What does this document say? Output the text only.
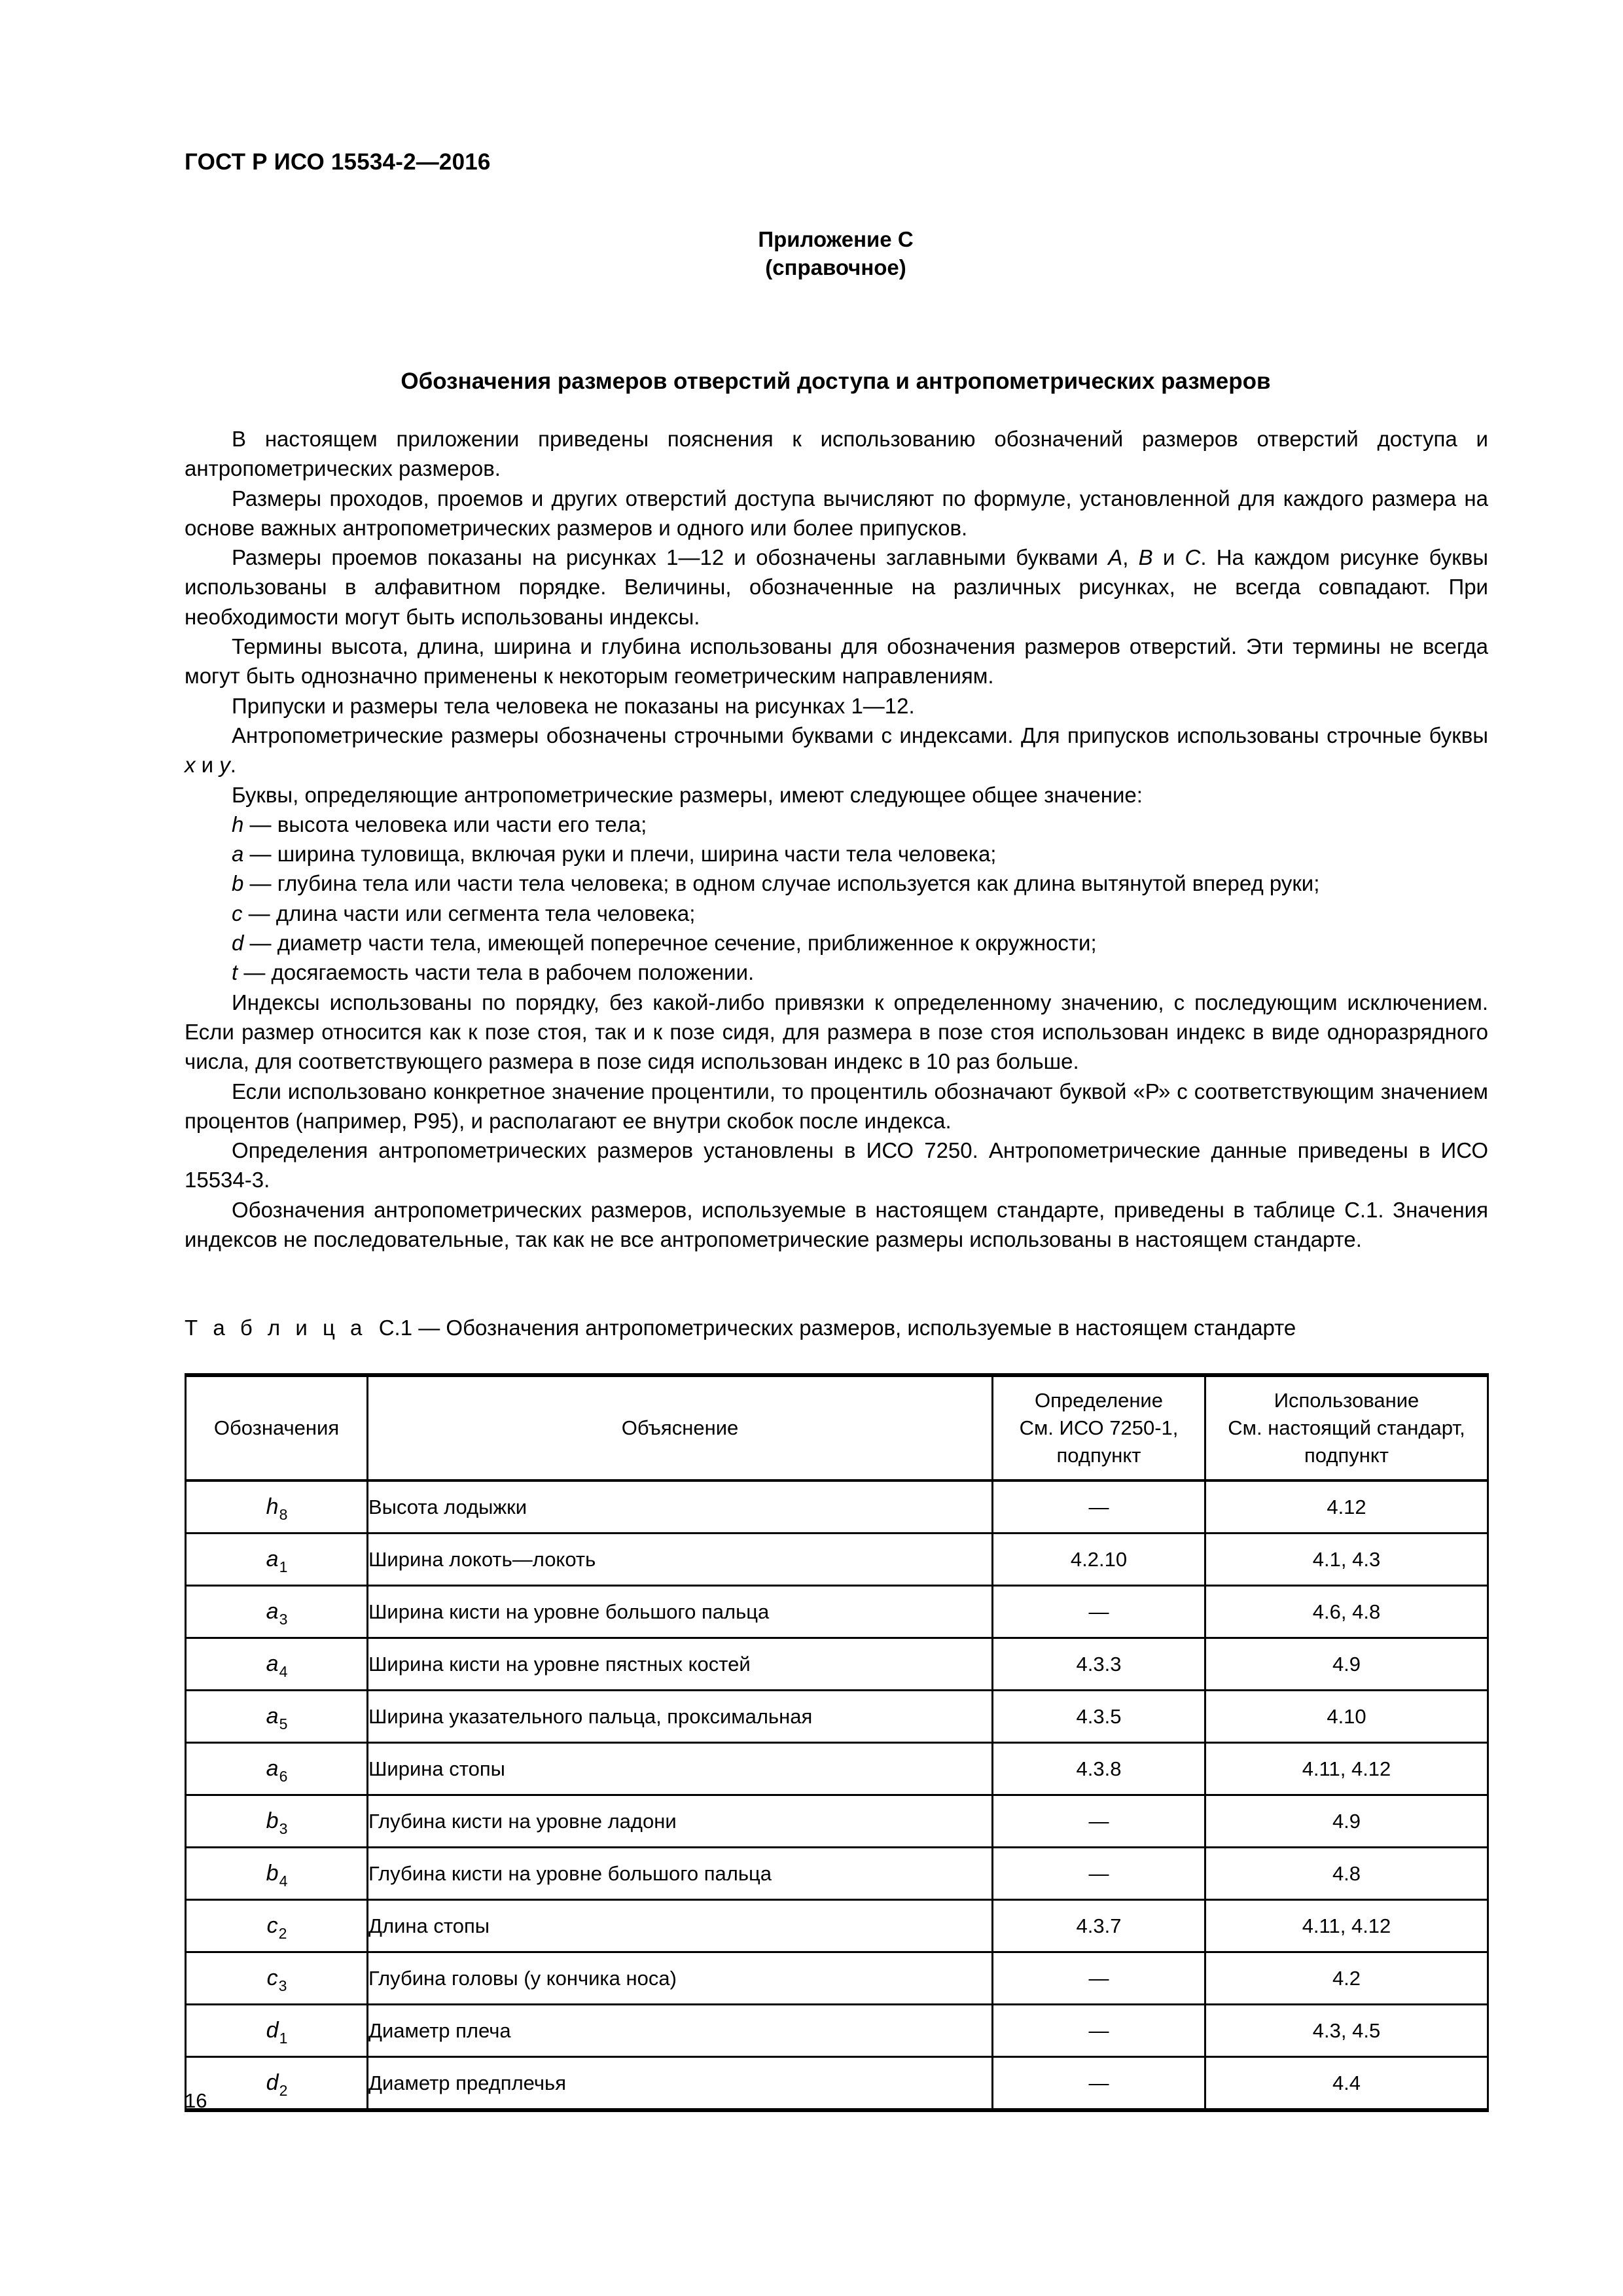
ГОСТ Р ИСО 15534-2—2016
Приложение С
(справочное)
Обозначения размеров отверстий доступа и антропометрических размеров

В настоящем приложении приведены пояснения к использованию обозначений размеров отверстий доступа и антропометрических размеров.

Размеры проходов, проемов и других отверстий доступа вычисляют по формуле, установленной для каждого размера на основе важных антропометрических размеров и одного или более припусков.

Размеры проемов показаны на рисунках 1—12 и обозначены заглавными буквами A, B и C. На каждом рисунке буквы использованы в алфавитном порядке. Величины, обозначенные на различных рисунках, не всегда совпадают. При необходимости могут быть использованы индексы.

Термины высота, длина, ширина и глубина использованы для обозначения размеров отверстий. Эти термины не всегда могут быть однозначно применены к некоторым геометрическим направлениям.

Припуски и размеры тела человека не показаны на рисунках 1—12.

Антропометрические размеры обозначены строчными буквами с индексами. Для припусков использованы строчные буквы x и y.

Буквы, определяющие антропометрические размеры, имеют следующее общее значение:

h — высота человека или части его тела;

a — ширина туловища, включая руки и плечи, ширина части тела человека;

b — глубина тела или части тела человека; в одном случае используется как длина вытянутой вперед руки;

c — длина части или сегмента тела человека;

d — диаметр части тела, имеющей поперечное сечение, приближенное к окружности;

t — досягаемость части тела в рабочем положении.

Индексы использованы по порядку, без какой-либо привязки к определенному значению, с последующим исключением. Если размер относится как к позе стоя, так и к позе сидя, для размера в позе стоя использован индекс в виде одноразрядного числа, для соответствующего размера в позе сидя использован индекс в 10 раз больше.

Если использовано конкретное значение процентили, то процентиль обозначают буквой «Р» с соответствующим значением процентов (например, Р95), и располагают ее внутри скобок после индекса.

Определения антропометрических размеров установлены в ИСО 7250. Антропометрические данные приведены в ИСО 15534-3.

Обозначения антропометрических размеров, используемые в настоящем стандарте, приведены в таблице С.1. Значения индексов не последовательные, так как не все антропометрические размеры использованы в настоящем стандарте.

Т а б л и ц а С.1 — Обозначения антропометрических размеров, используемые в настоящем стандарте
Обозначения	Объяснение	Определение
См. ИСО 7250-1,
подпункт	Использование
См. настоящий стандарт,
подпункт
$h_8$	Высота лодыжки	—	4.12
$a_1$	Ширина локоть—локоть	4.2.10	4.1, 4.3
$a_3$	Ширина кисти на уровне большого пальца	—	4.6, 4.8
$a_4$	Ширина кисти на уровне пястных костей	4.3.3	4.9
$a_5$	Ширина указательного пальца, проксимальная	4.3.5	4.10
$a_6$	Ширина стопы	4.3.8	4.11, 4.12
$b_3$	Глубина кисти на уровне ладони	—	4.9
$b_4$	Глубина кисти на уровне большого пальца	—	4.8
$c_2$	Длина стопы	4.3.7	4.11, 4.12
$c_3$	Глубина головы (у кончика носа)	—	4.2
$d_1$	Диаметр плеча	—	4.3, 4.5
$d_2$	Диаметр предплечья	—	4.4
16
